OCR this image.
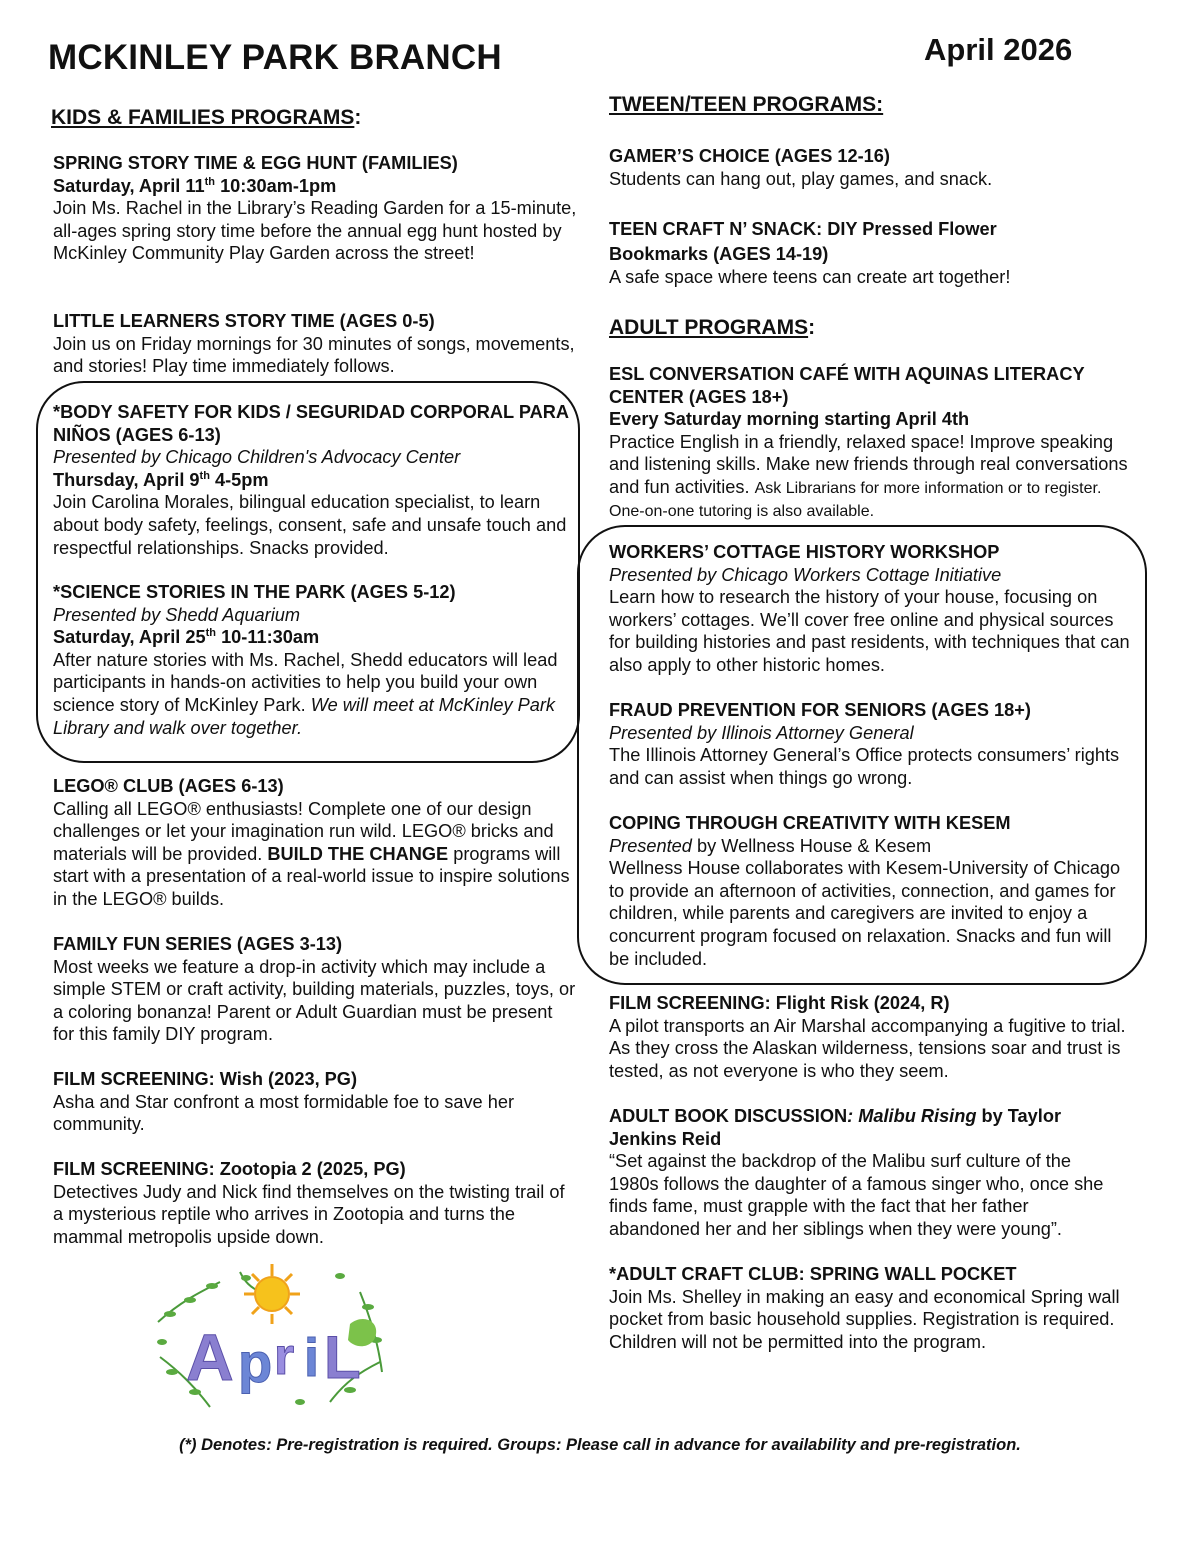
MCKINLEY PARK BRANCH	April 2026
KIDS & FAMILIES PROGRAMS:

SPRING STORY TIME & EGG HUNT (FAMILIES)

Saturday, April 11th 10:30am-1pm

Join Ms. Rachel in the Library’s Reading Garden for a 15-minute, all-ages spring story time before the annual egg hunt hosted by McKinley Community Play Garden across the street!

LITTLE LEARNERS STORY TIME (AGES 0-5)

Join us on Friday mornings for 30 minutes of songs, movements, and stories! Play time immediately follows.

*BODY SAFETY FOR KIDS / SEGURIDAD CORPORAL PARA NIÑOS (AGES 6-13)

Presented by Chicago Children's Advocacy Center

Thursday, April 9th 4-5pm

Join Carolina Morales, bilingual education specialist, to learn about body safety, feelings, consent, safe and unsafe touch and respectful relationships. Snacks provided.

*SCIENCE STORIES IN THE PARK (AGES 5-12)

Presented by Shedd Aquarium

Saturday, April 25th 10-11:30am

After nature stories with Ms. Rachel, Shedd educators will lead participants in hands-on activities to help you build your own science story of McKinley Park. We will meet at McKinley Park Library and walk over together.

LEGO® CLUB (AGES 6-13)

Calling all LEGO® enthusiasts! Complete one of our design challenges or let your imagination run wild. LEGO® bricks and materials will be provided. BUILD THE CHANGE programs will start with a presentation of a real-world issue to inspire solutions in the LEGO® builds.

FAMILY FUN SERIES (AGES 3-13)

Most weeks we feature a drop-in activity which may include a simple STEM or craft activity, building materials, puzzles, toys, or a coloring bonanza! Parent or Adult Guardian must be present for this family DIY program.

FILM SCREENING: Wish (2023, PG)

Asha and Star confront a most formidable foe to save her community.

FILM SCREENING: Zootopia 2 (2025, PG)

Detectives Judy and Nick find themselves on the twisting trail of a mysterious reptile who arrives in Zootopia and turns the mammal metropolis upside down.

A p r i L
TWEEN/TEEN PROGRAMS:

GAMER’S CHOICE (AGES 12-16)

Students can hang out, play games, and snack.

TEEN CRAFT N’ SNACK: DIY Pressed Flower Bookmarks (AGES 14-19)

A safe space where teens can create art together!

ADULT PROGRAMS:

ESL CONVERSATION CAFÉ WITH AQUINAS LITERACY CENTER (AGES 18+)

Every Saturday morning starting April 4th

Practice English in a friendly, relaxed space! Improve speaking and listening skills. Make new friends through real conversations and fun activities. Ask Librarians for more information or to register. One-on-one tutoring is also available.

WORKERS’ COTTAGE HISTORY WORKSHOP

Presented by Chicago Workers Cottage Initiative

Learn how to research the history of your house, focusing on workers’ cottages. We’ll cover free online and physical sources for building histories and past residents, with techniques that can also apply to other historic homes.

FRAUD PREVENTION FOR SENIORS (AGES 18+)

Presented by Illinois Attorney General

The Illinois Attorney General’s Office protects consumers’ rights and can assist when things go wrong.

COPING THROUGH CREATIVITY WITH KESEM

Presented by Wellness House & Kesem

Wellness House collaborates with Kesem-University of Chicago to provide an afternoon of activities, connection, and games for children, while parents and caregivers are invited to enjoy a concurrent program focused on relaxation. Snacks and fun will be included.

FILM SCREENING: Flight Risk (2024, R)

A pilot transports an Air Marshal accompanying a fugitive to trial. As they cross the Alaskan wilderness, tensions soar and trust is tested, as not everyone is who they seem.

ADULT BOOK DISCUSSION: Malibu Rising by Taylor Jenkins Reid

“Set against the backdrop of the Malibu surf culture of the 1980s follows the daughter of a famous singer who, once she finds fame, must grapple with the fact that her father abandoned her and her siblings when they were young”.

*ADULT CRAFT CLUB: SPRING WALL POCKET

Join Ms. Shelley in making an easy and economical Spring wall pocket from basic household supplies. Registration is required. Children will not be permitted into the program.

(*) Denotes: Pre-registration is required. Groups: Please call in advance for availability and pre-registration.
